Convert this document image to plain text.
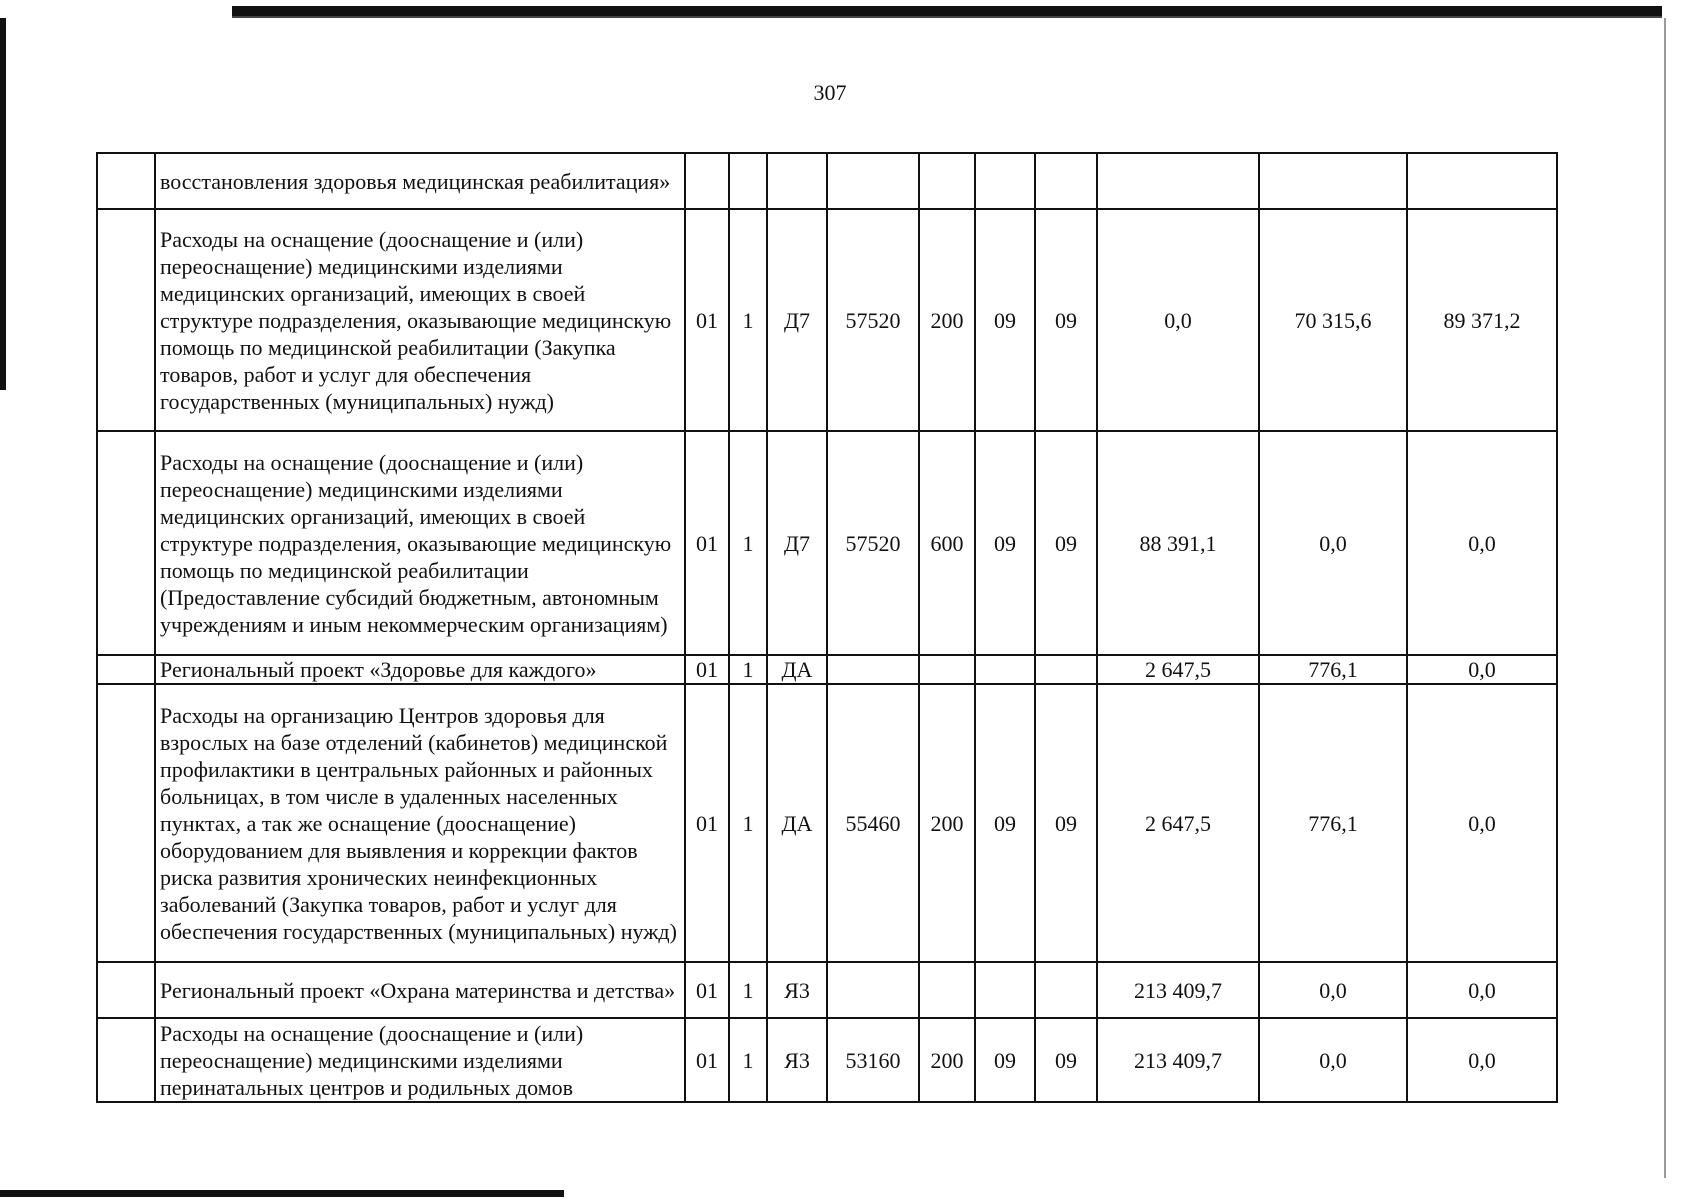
307
	восстановления здоровья медицинская реабилитация»										
	Расходы на оснащение (дооснащение и (или) переоснащение) медицинскими изделиями медицинских организаций, имеющих в своей структуре подразделения, оказывающие медицинскую помощь по медицинской реабилитации (Закупка товаров, работ и услуг для обеспечения государственных (муниципальных) нужд)	01	1	Д7	57520	200	09	09	0,0	70 315,6	89 371,2
	Расходы на оснащение (дооснащение и (или) переоснащение) медицинскими изделиями медицинских организаций, имеющих в своей структуре подразделения, оказывающие медицинскую помощь по медицинской реабилитации (Предоставление субсидий бюджетным, автономным учреждениям и иным некоммерческим организациям)	01	1	Д7	57520	600	09	09	88 391,1	0,0	0,0
	Региональный проект «Здоровье для каждого»	01	1	ДА					2 647,5	776,1	0,0
	Расходы на организацию Центров здоровья для взрослых на базе отделений (кабинетов) медицинской профилактики в центральных районных и районных больницах, в том числе в удаленных населенных пунктах, а так же оснащение (дооснащение) оборудованием для выявления и коррекции фактов риска развития хронических неинфекционных заболеваний (Закупка товаров, работ и услуг для обеспечения государственных (муниципальных) нужд)	01	1	ДА	55460	200	09	09	2 647,5	776,1	0,0
	Региональный проект «Охрана материнства и детства»	01	1	Я3					213 409,7	0,0	0,0
	Расходы на оснащение (дооснащение и (или) переоснащение) медицинскими изделиями перинатальных центров и родильных домов	01	1	Я3	53160	200	09	09	213 409,7	0,0	0,0
